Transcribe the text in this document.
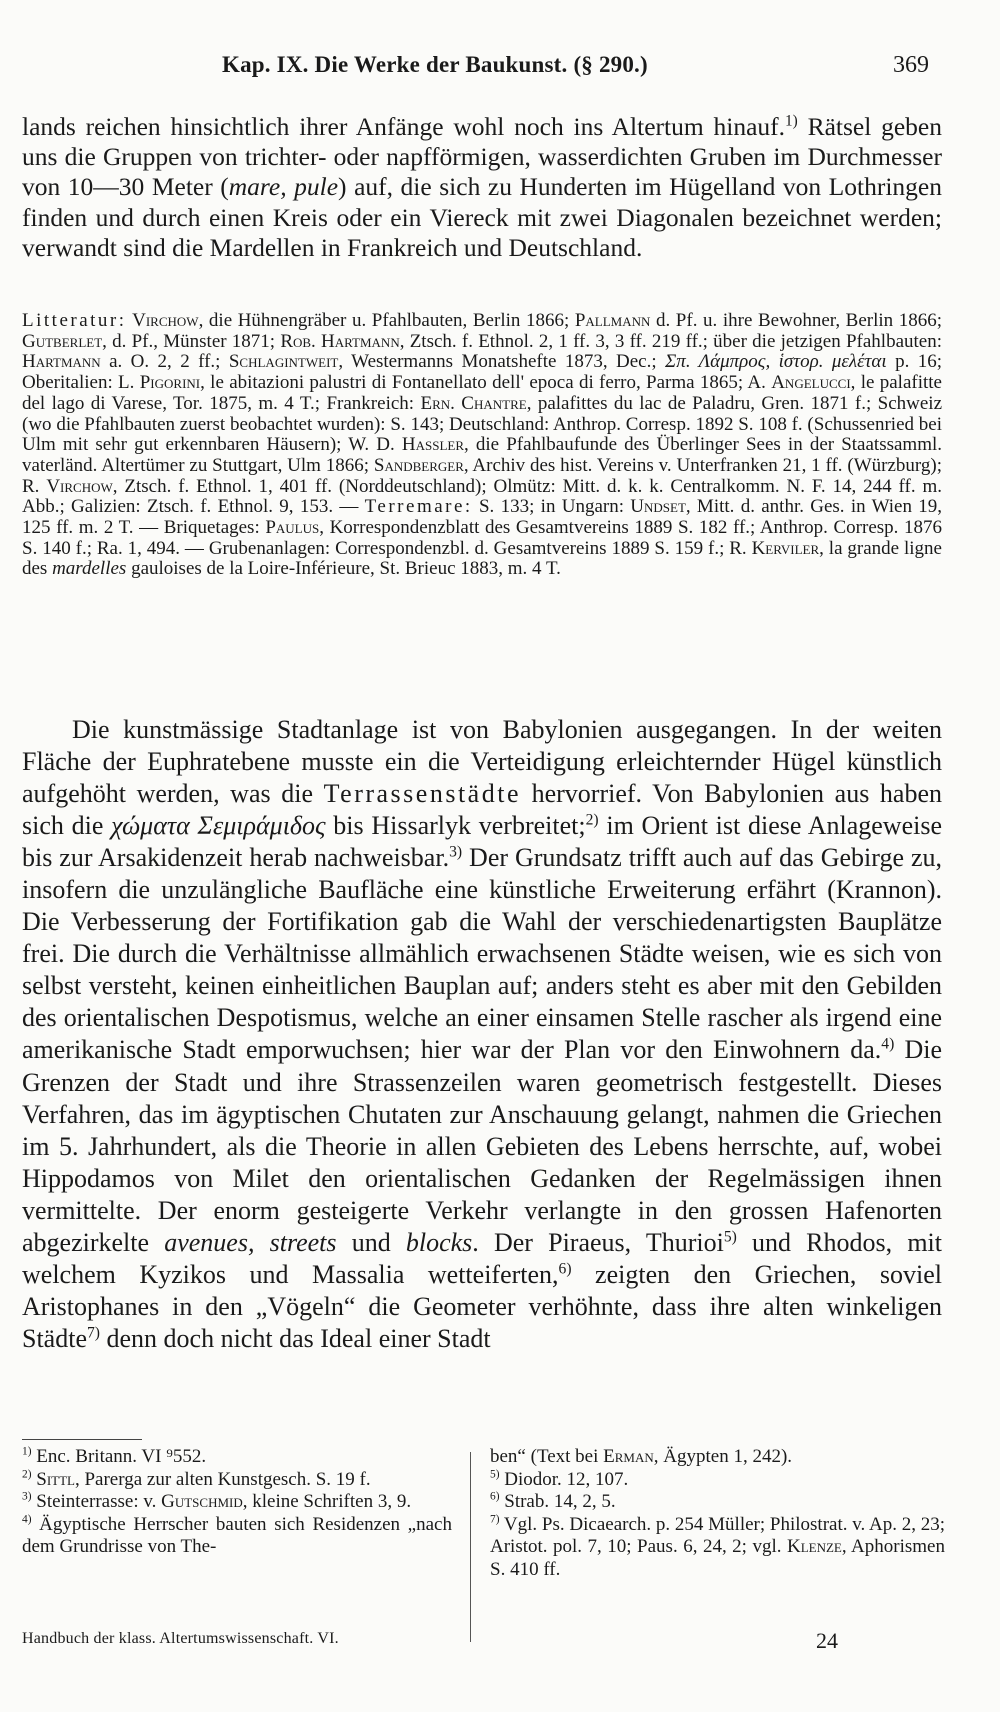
Kap. IX. Die Werke der Baukunst. (§ 290.)	369

lands reichen hinsichtlich ihrer Anfänge wohl noch ins Altertum hinauf.$^{1)}$ Rätsel geben uns die Gruppen von trichter- oder napfförmigen, wasserdichten Gruben im Durchmesser von 10—30 Meter (mare, pule) auf, die sich zu Hunderten im Hügelland von Lothringen finden und durch einen Kreis oder ein Viereck mit zwei Diagonalen bezeichnet werden; verwandt sind die Mardellen in Frankreich und Deutschland.

Litteratur: Virchow, die Hühnengräber u. Pfahlbauten, Berlin 1866; Pallmann d. Pf. u. ihre Bewohner, Berlin 1866; Gutberlet, d. Pf., Münster 1871; Rob. Hartmann, Ztsch. f. Ethnol. 2, 1 ff. 3, 3 ff. 219 ff.; über die jetzigen Pfahlbauten: Hartmann a. O. 2, 2 ff.; Schlagintweit, Westermanns Monatshefte 1873, Dec.; Σπ. Λάμπρος, ἱστορ. μελέται p. 16; Oberitalien: L. Pigorini, le abitazioni palustri di Fontanellato dell' epoca di ferro, Parma 1865; A. Angelucci, le palafitte del lago di Varese, Tor. 1875, m. 4 T.; Frankreich: Ern. Chantre, palafittes du lac de Paladru, Gren. 1871 f.; Schweiz (wo die Pfahlbauten zuerst beobachtet wurden): S. 143; Deutschland: Anthrop. Corresp. 1892 S. 108 f. (Schussenried bei Ulm mit sehr gut erkennbaren Häusern); W. D. Hassler, die Pfahlbaufunde des Überlinger Sees in der Staatssamml. vaterländ. Altertümer zu Stuttgart, Ulm 1866; Sandberger, Archiv des hist. Vereins v. Unterfranken 21, 1 ff. (Würzburg); R. Virchow, Ztsch. f. Ethnol. 1, 401 ff. (Norddeutschland); Olmütz: Mitt. d. k. k. Centralkomm. N. F. 14, 244 ff. m. Abb.; Galizien: Ztsch. f. Ethnol. 9, 153. — Terremare: S. 133; in Ungarn: Undset, Mitt. d. anthr. Ges. in Wien 19, 125 ff. m. 2 T. — Briquetages: Paulus, Korrespondenzblatt des Gesamtvereins 1889 S. 182 ff.; Anthrop. Corresp. 1876 S. 140 f.; Ra. 1, 494. — Grubenanlagen: Correspondenzbl. d. Gesamtvereins 1889 S. 159 f.; R. Kerviler, la grande ligne des mardelles gauloises de la Loire-Inférieure, St. Brieuc 1883, m. 4 T.

Die kunstmässige Stadtanlage ist von Babylonien ausgegangen. In der weiten Fläche der Euphratebene musste ein die Verteidigung erleichternder Hügel künstlich aufgehöht werden, was die Terrassenstädte hervorrief. Von Babylonien aus haben sich die χώματα Σεμιράμιδος bis Hissarlyk verbreitet;$^{2)}$ im Orient ist diese Anlageweise bis zur Arsakidenzeit herab nachweisbar.$^{3)}$ Der Grundsatz trifft auch auf das Gebirge zu, insofern die unzulängliche Baufläche eine künstliche Erweiterung erfährt (Krannon). Die Verbesserung der Fortifikation gab die Wahl der verschiedenartigsten Bauplätze frei. Die durch die Verhältnisse allmählich erwachsenen Städte weisen, wie es sich von selbst versteht, keinen einheitlichen Bauplan auf; anders steht es aber mit den Gebilden des orientalischen Despotismus, welche an einer einsamen Stelle rascher als irgend eine amerikanische Stadt emporwuchsen; hier war der Plan vor den Einwohnern da.$^{4)}$ Die Grenzen der Stadt und ihre Strassenzeilen waren geometrisch festgestellt. Dieses Verfahren, das im ägyptischen Chutaten zur Anschauung gelangt, nahmen die Griechen im 5. Jahrhundert, als die Theorie in allen Gebieten des Lebens herrschte, auf, wobei Hippodamos von Milet den orientalischen Gedanken der Regelmässigen ihnen vermittelte. Der enorm gesteigerte Verkehr verlangte in den grossen Hafenorten abgezirkelte avenues, streets und blocks. Der Piraeus, Thurioi$^{5)}$ und Rhodos, mit welchem Kyzikos und Massalia wetteiferten,$^{6)}$ zeigten den Griechen, soviel Aristophanes in den „Vögeln“ die Geometer verhöhnte, dass ihre alten winkeligen Städte$^{7)}$ denn doch nicht das Ideal einer Stadt

$^{1)}$ Enc. Britann. VI ⁹552.

$^{2)}$ Sittl, Parerga zur alten Kunstgesch. S. 19 f.

$^{3)}$ Steinterrasse: v. Gutschmid, kleine Schriften 3, 9.

$^{4)}$ Ägyptische Herrscher bauten sich Residenzen „nach dem Grundrisse von The-

ben“ (Text bei Erman, Ägypten 1, 242).

$^{5)}$ Diodor. 12, 107.

$^{6)}$ Strab. 14, 2, 5.

$^{7)}$ Vgl. Ps. Dicaearch. p. 254 Müller; Philostrat. v. Ap. 2, 23; Aristot. pol. 7, 10; Paus. 6, 24, 2; vgl. Klenze, Aphorismen S. 410 ff.

Handbuch der klass. Altertumswissenschaft. VI.	24
